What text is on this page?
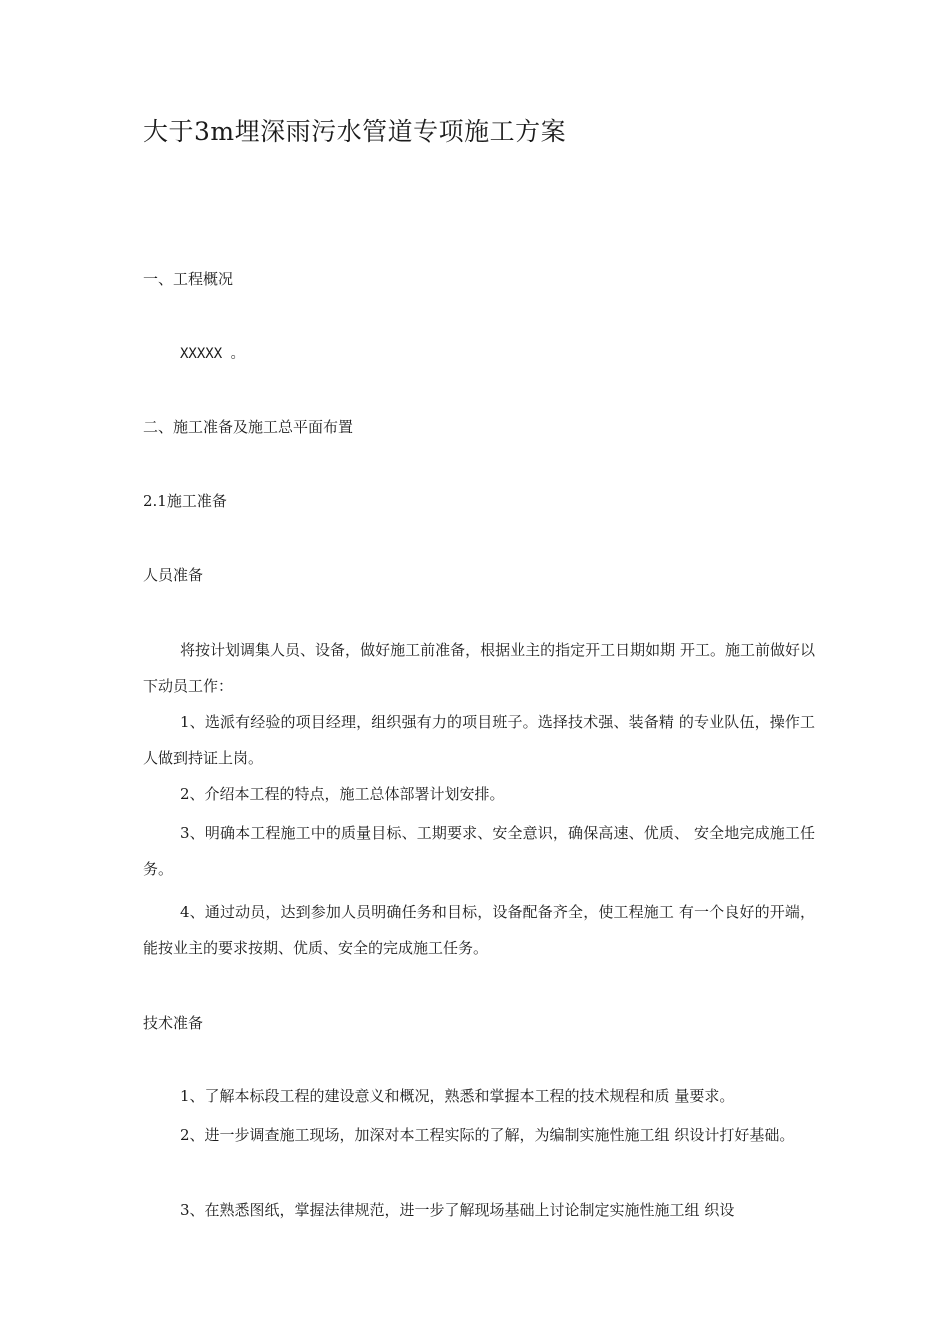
大于3m埋深雨污水管道专项施工方案
一、工程概况
XXXXX 。
二、施工准备及施工总平面布置
2.1施工准备
人员准备
将按计划调集人员、设备，做好施工前准备，根据业主的指定开工日期如期 开工。施工前做好以下动员工作：
1、选派有经验的项目经理，组织强有力的项目班子。选择技术强、装备精 的专业队伍，操作工人做到持证上岗。
2、介绍本工程的特点，施工总体部署计划安排。
3、明确本工程施工中的质量目标、工期要求、安全意识，确保高速、优质、 安全地完成施工任务。
4、通过动员，达到参加人员明确任务和目标，设备配备齐全，使工程施工 有一个良好的开端，能按业主的要求按期、优质、安全的完成施工任务。
技术准备
1、了解本标段工程的建设意义和概况，熟悉和掌握本工程的技术规程和质 量要求。
2、进一步调查施工现场，加深对本工程实际的了解，为编制实施性施工组 织设计打好基础。
3、在熟悉图纸，掌握法律规范，进一步了解现场基础上讨论制定实施性施工组 织设
